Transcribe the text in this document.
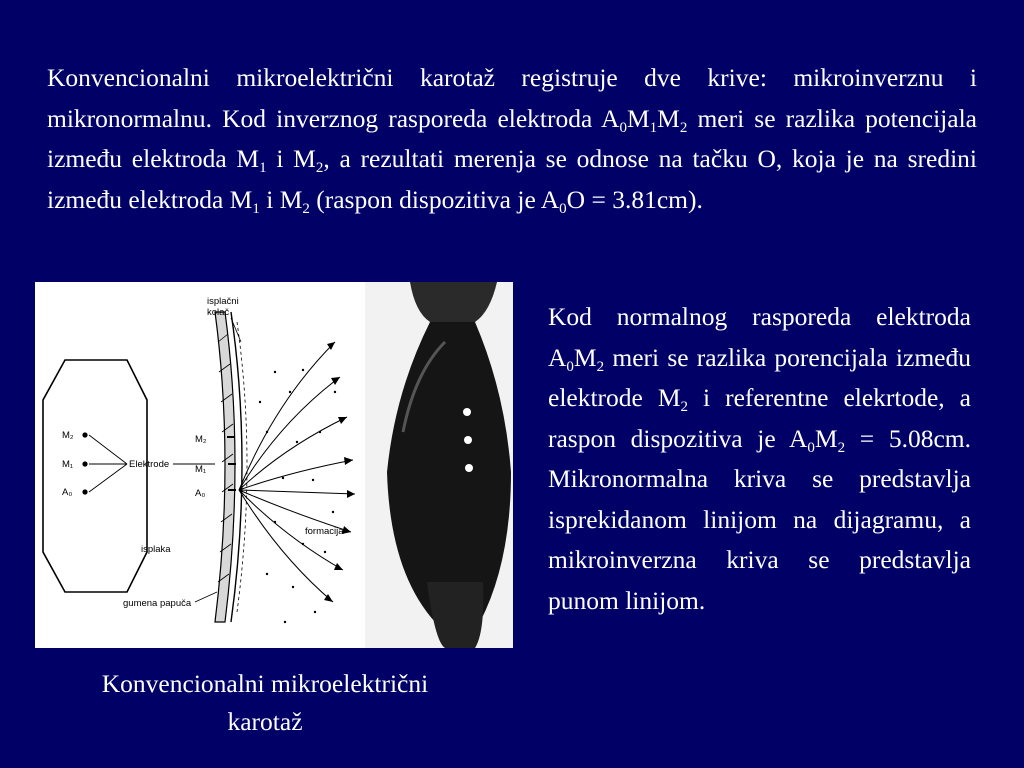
Konvencionalni mikroelektrični karotaž registruje dve krive: mikroinverznu i mikronormalnu. Kod inverznog rasporeda elektroda $A_0M_1M_2$ meri se razlika potencijala između elektroda $M_1$ i $M_2$, a rezultati merenja se odnose na tačku O, koja je na sredini između elektroda $M_1$ i $M_2$ (raspon dispozitiva je $A_0O = 3.81cm$).
M₂
M₁
A₀
Elektrode
isplačni
kolač
M₂
M₁
A₀
formacija
isplaka
gumena papuča
Kod normalnog rasporeda elektroda $A_0M_2$ meri se razlika porencijala između elektrode $M_2$ i referentne elekrtode, a raspon dispozitiva je $A_0M_2 = 5.08cm$. Mikronormalna kriva se predstavlja isprekidanom linijom na dijagramu, a mikroinverzna kriva se predstavlja punom linijom.
Konvencionalni mikroelektrični
karotaž
